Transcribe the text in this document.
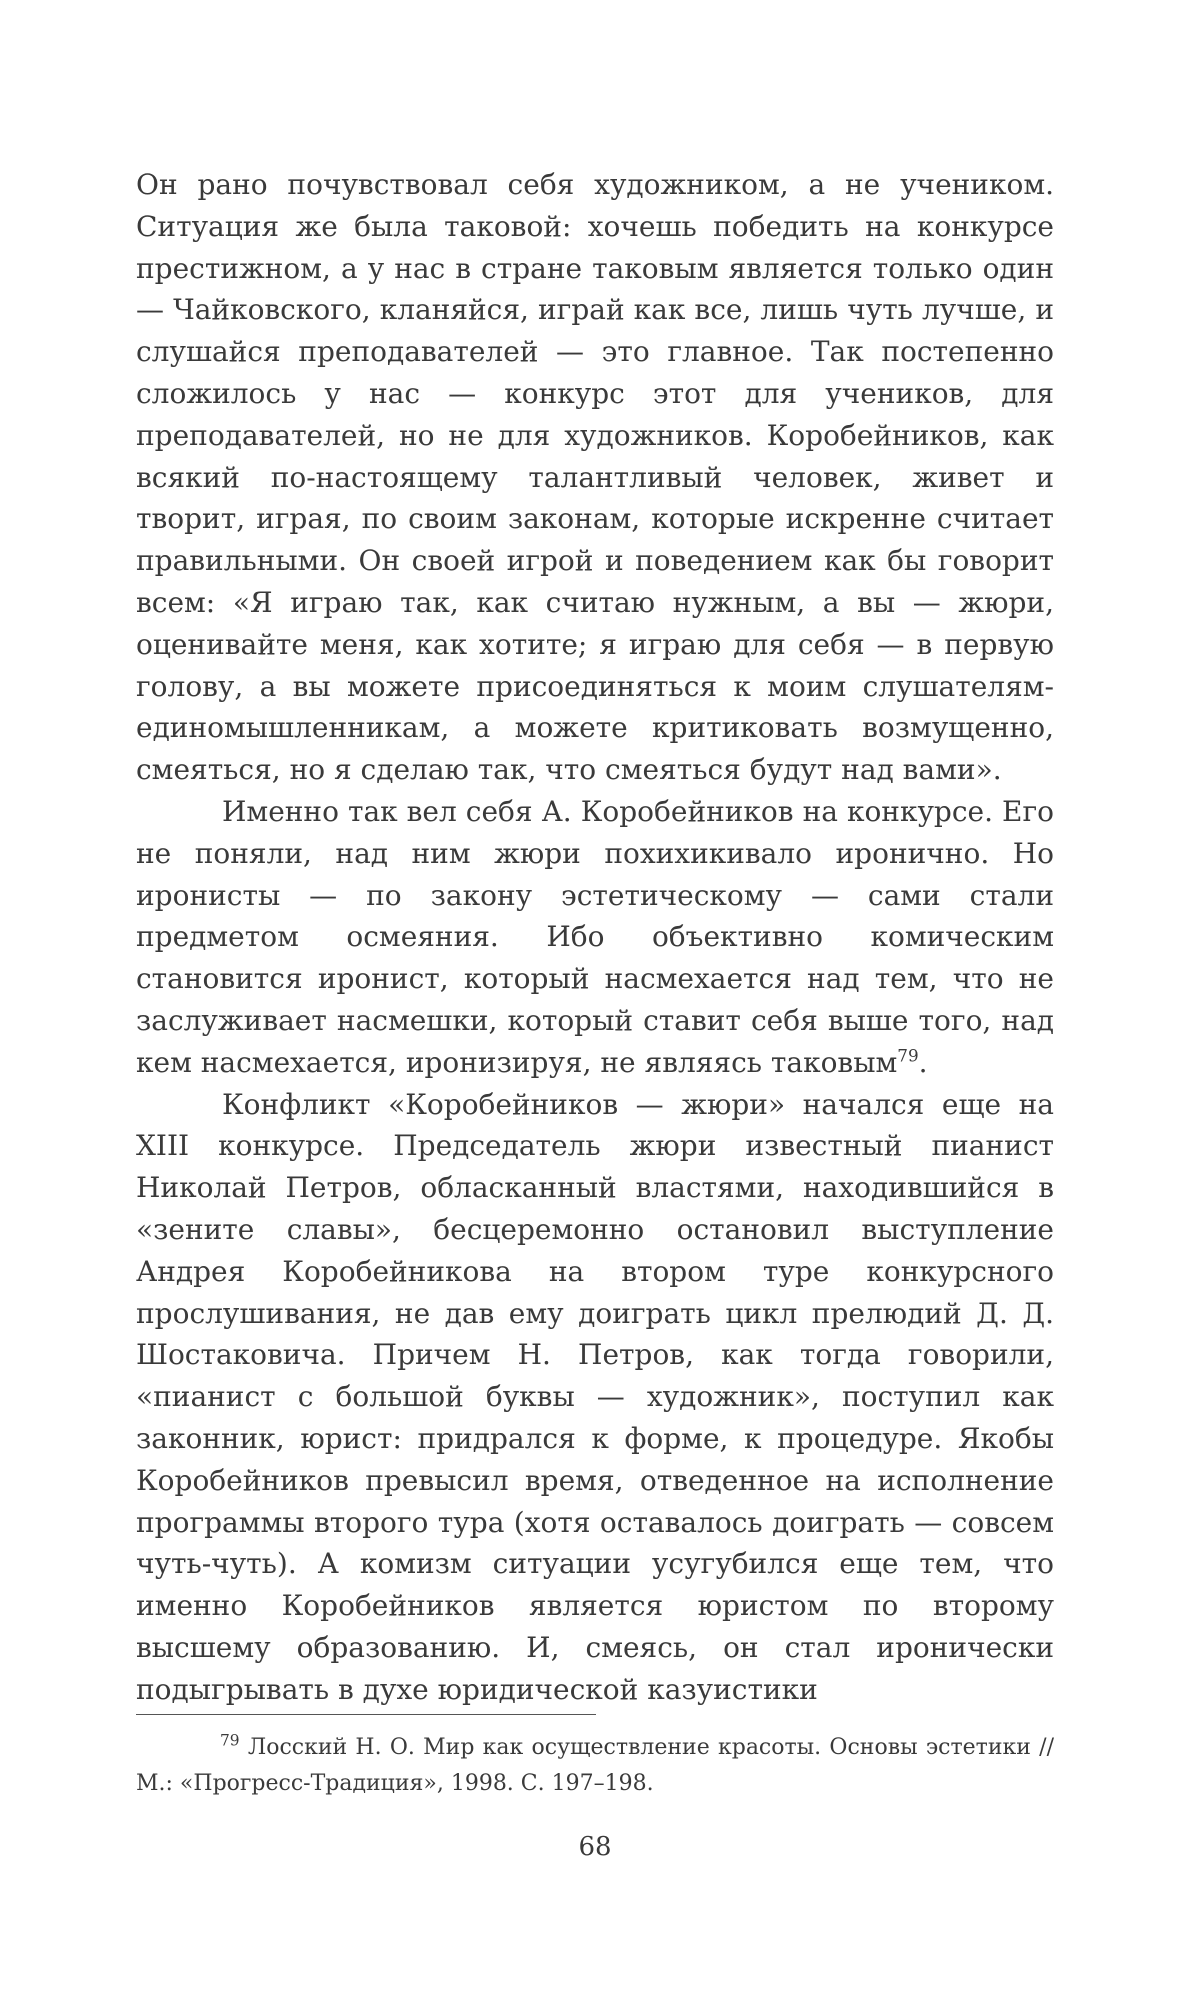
Он рано почувствовал себя художником, а не учеником. Ситуация же была таковой: хочешь победить на конкурсе престижном, а у нас в стране таковым является только один — Чайковского, кланяйся, играй как все, лишь чуть лучше, и слушайся преподавателей — это главное. Так постепенно сложилось у нас — конкурс этот для учеников, для преподавателей, но не для художников. Коробейников, как всякий по-настоящему талантливый человек, живет и творит, играя, по своим законам, которые искренне считает правильными. Он своей игрой и поведением как бы говорит всем: «Я играю так, как считаю нужным, а вы — жюри, оценивайте меня, как хотите; я играю для себя — в первую голову, а вы можете присоединяться к моим слушателям-единомышленникам, а можете критиковать возмущенно, смеяться, но я сделаю так, что смеяться будут над вами».

Именно так вел себя А. Коробейников на конкурсе. Его не поняли, над ним жюри похихикивало иронично. Но иронисты — по закону эстетическому — сами стали предметом осмеяния. Ибо объективно комическим становится иронист, который насмехается над тем, что не заслуживает насмешки, который ставит себя выше того, над кем насмехается, иронизируя, не являясь таковым$^{79}$.

Конфликт «Коробейников — жюри» начался еще на XIII конкурсе. Председатель жюри известный пианист Николай Петров, обласканный властями, находившийся в «зените славы», бесцеремонно остановил выступление Андрея Коробейникова на втором туре конкурсного прослушивания, не дав ему доиграть цикл прелюдий Д. Д. Шостаковича. Причем Н. Петров, как тогда говорили, «пианист с большой буквы — художник», поступил как законник, юрист: придрался к форме, к процедуре. Якобы Коробейников превысил время, отведенное на исполнение программы второго тура (хотя оставалось доиграть — совсем чуть-чуть). А комизм ситуации усугубился еще тем, что именно Коробейников является юристом по второму высшему образованию. И, смеясь, он стал иронически подыгрывать в духе юридической казуистики

$^{79}$ Лосский Н. О. Мир как осуществление красоты. Основы эстетики // М.: «Прогресс-Традиция», 1998. С. 197–198.

68
